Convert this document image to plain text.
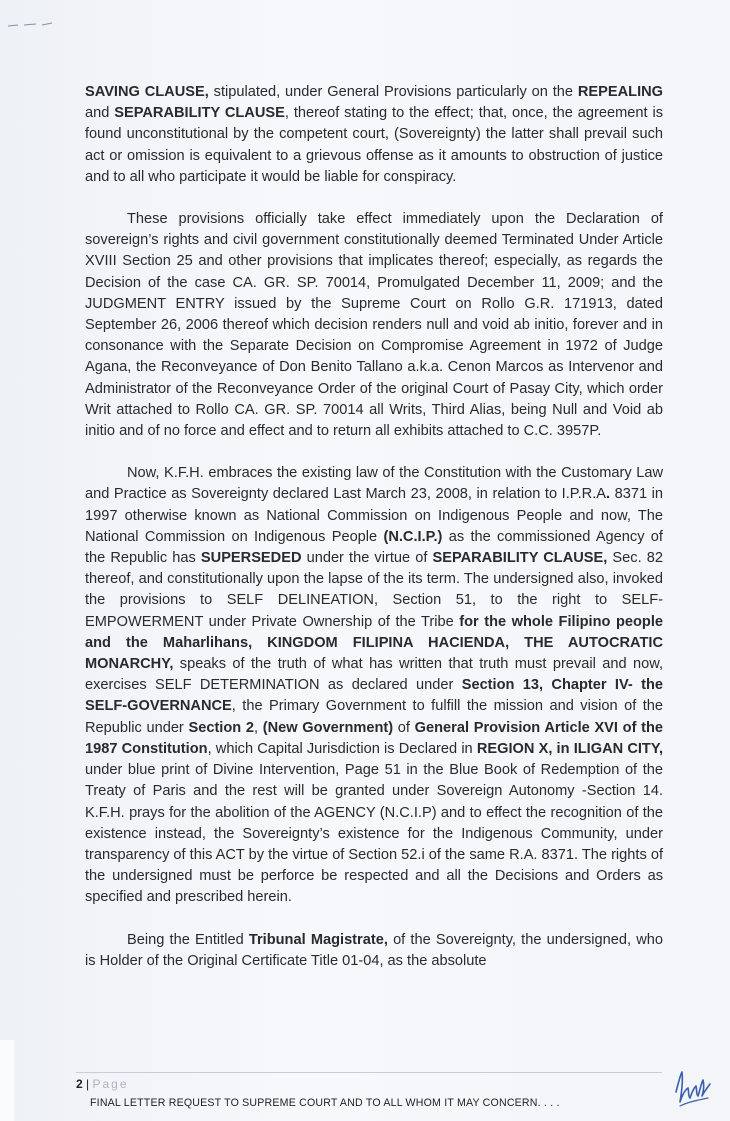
SAVING CLAUSE, stipulated, under General Provisions particularly on the REPEALING and SEPARABILITY CLAUSE, thereof stating to the effect; that, once, the agreement is found unconstitutional by the competent court, (Sovereignty) the latter shall prevail such act or omission is equivalent to a grievous offense as it amounts to obstruction of justice and to all who participate it would be liable for conspiracy.

These provisions officially take effect immediately upon the Declaration of sovereign’s rights and civil government constitutionally deemed Terminated Under Article XVIII Section 25 and other provisions that implicates thereof; especially, as regards the Decision of the case CA. GR. SP. 70014, Promulgated December 11, 2009; and the JUDGMENT ENTRY issued by the Supreme Court on Rollo G.R. 171913, dated September 26, 2006 thereof which decision renders null and void ab initio, forever and in consonance with the Separate Decision on Compromise Agreement in 1972 of Judge Agana, the Reconveyance of Don Benito Tallano a.k.a. Cenon Marcos as Intervenor and Administrator of the Reconveyance Order of the original Court of Pasay City, which order Writ attached to Rollo CA. GR. SP. 70014 all Writs, Third Alias, being Null and Void ab initio and of no force and effect and to return all exhibits attached to C.C. 3957P.

Now, K.F.H. embraces the existing law of the Constitution with the Customary Law and Practice as Sovereignty declared Last March 23, 2008, in relation to I.P.R.A. 8371 in 1997 otherwise known as National Commission on Indigenous People and now, The National Commission on Indigenous People (N.C.I.P.) as the commissioned Agency of the Republic has SUPERSEDED under the virtue of SEPARABILITY CLAUSE, Sec. 82 thereof, and constitutionally upon the lapse of the its term. The undersigned also, invoked the provisions to SELF DELINEATION, Section 51, to the right to SELF-EMPOWERMENT under Private Ownership of the Tribe for the whole Filipino people and the Maharlihans, KINGDOM FILIPINA HACIENDA, THE AUTOCRATIC MONARCHY, speaks of the truth of what has written that truth must prevail and now, exercises SELF DETERMINATION as declared under Section 13, Chapter IV- the SELF-GOVERNANCE, the Primary Government to fulfill the mission and vision of the Republic under Section 2, (New Government) of General Provision Article XVI of the 1987 Constitution, which Capital Jurisdiction is Declared in REGION X, in ILIGAN CITY, under blue print of Divine Intervention, Page 51 in the Blue Book of Redemption of the Treaty of Paris and the rest will be granted under Sovereign Autonomy -Section 14. K.F.H. prays for the abolition of the AGENCY (N.C.I.P) and to effect the recognition of the existence instead, the Sovereignty’s existence for the Indigenous Community, under transparency of this ACT by the virtue of Section 52.i of the same R.A. 8371. The rights of the undersigned must be perforce be respected and all the Decisions and Orders as specified and prescribed herein.

Being the Entitled Tribunal Magistrate, of the Sovereignty, the undersigned, who is Holder of the Original Certificate Title 01-04, as the absolute

2 | Page
FINAL LETTER REQUEST TO SUPREME COURT AND TO ALL WHOM IT MAY CONCERN. . . .
